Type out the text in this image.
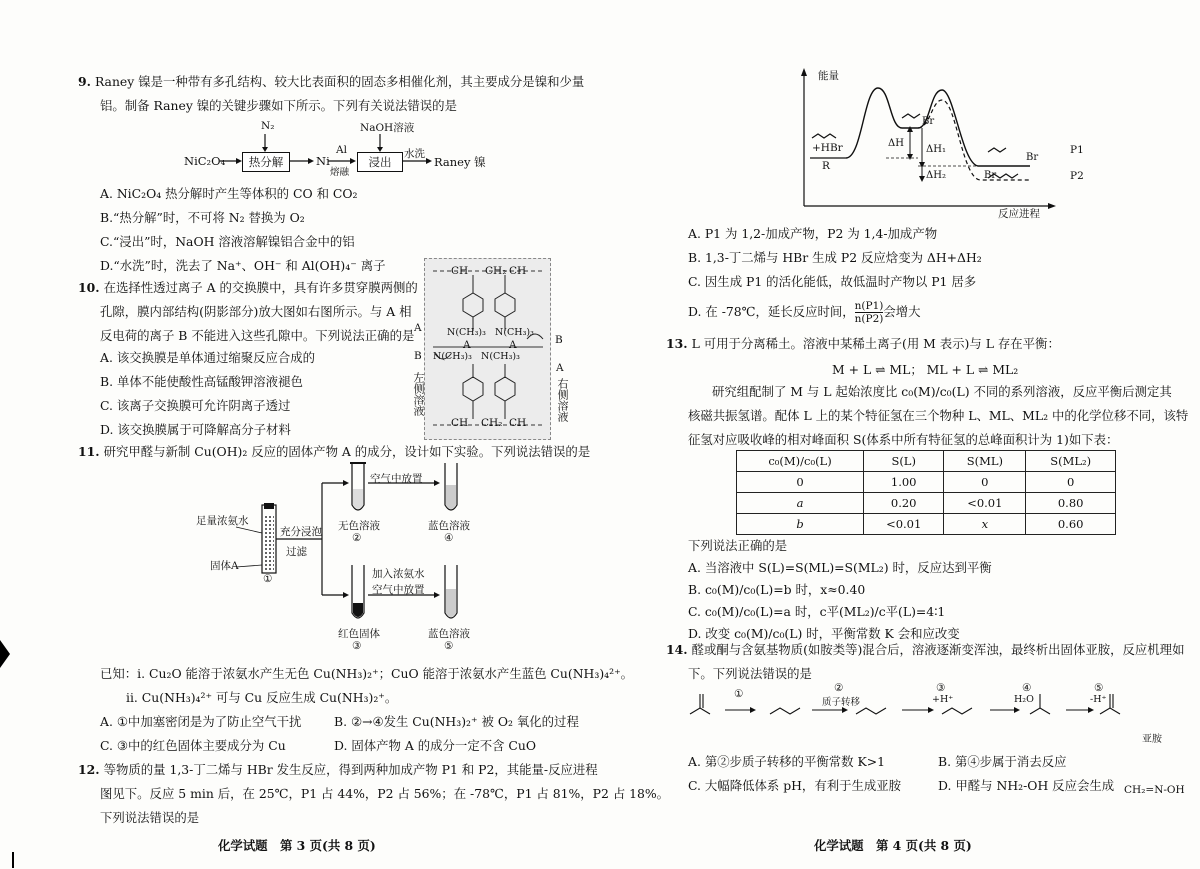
9. Raney 镍是一种带有多孔结构、较大比表面积的固态多相催化剂，其主要成分是镍和少量
铝。制备 Raney 镍的关键步骤如下所示。下列有关说法错误的是
N₂	NaOH溶液
NiC₂O₄	热分解	Ni
Al
熔融
浸出
水洗
Raney 镍
A. NiC₂O₄ 热分解时产生等体积的 CO 和 CO₂
B.“热分解”时，不可将 N₂ 替换为 O₂
C.“浸出”时，NaOH 溶液溶解镍铝合金中的铝
D.“水洗”时，洗去了 Na⁺、OH⁻ 和 Al(OH)₄⁻ 离子
10. 在选择性透过离子 A 的交换膜中，具有许多贯穿膜两侧的
孔隙，膜内部结构(阴影部分)放大图如右图所示。与 A 相
反电荷的离子 B 不能进入这些孔隙中。下列说法正确的是
A. 该交换膜是单体通过缩聚反应合成的
B. 单体不能使酸性高锰酸钾溶液褪色
C. 该离子交换膜可允许阴离子透过
D. 该交换膜属于可降解高分子材料
CH CH₂ CH
N(CH₃)₃ N(CH₃)₃
A	A
N(CH₃)₃ N(CH₃)₃
CH CH₂ CH
A
B
B
A
左侧溶液	右侧溶液
11. 研究甲醛与新制 Cu(OH)₂ 反应的固体产物 A 的成分，设计如下实验。下列说法错误的是
足量浓氨水
固体A
①
充分浸泡
过滤
空气中放置
无色溶液
②
蓝色溶液
④
加入浓氨水
空气中放置
红色固体
③
蓝色溶液
⑤
已知：i. Cu₂O 能溶于浓氨水产生无色 Cu(NH₃)₂⁺；CuO 能溶于浓氨水产生蓝色 Cu(NH₃)₄²⁺。
ii. Cu(NH₃)₄²⁺ 可与 Cu 反应生成 Cu(NH₃)₂⁺。
A. ①中加塞密闭是为了防止空气干扰	B. ②→④发生 Cu(NH₃)₂⁺ 被 O₂ 氧化的过程
C. ③中的红色固体主要成分为 Cu	D. 固体产物 A 的成分一定不含 CuO
12. 等物质的量 1,3-丁二烯与 HBr 发生反应，得到两种加成产物 P1 和 P2，其能量-反应进程
图见下。反应 5 min 后，在 25℃，P1 占 44%，P2 占 56%；在 -78℃，P1 占 81%，P2 占 18%。
下列说法错误的是
化学试题　第 3 页(共 8 页)
能量
反应进程
+HBr
R
ΔH
ΔH₁
ΔH₂
Br
Br
P1
Br	P2
A. P1 为 1,2-加成产物，P2 为 1,4-加成产物
B. 1,3-丁二烯与 HBr 生成 P2 反应焓变为 ΔH+ΔH₂
C. 因生成 P1 的活化能低，故低温时产物以 P1 居多
D. 在 -78℃，延长反应时间， $\frac{n(P1)}{n(P2)}$ 会增大
13. L 可用于分离稀土。溶液中某稀土离子(用 M 表示)与 L 存在平衡：
M + L ⇌ ML； ML + L ⇌ ML₂
研究组配制了 M 与 L 起始浓度比 c₀(M)/c₀(L) 不同的系列溶液，反应平衡后测定其
核磁共振氢谱。配体 L 上的某个特征氢在三个物种 L、ML、ML₂ 中的化学位移不同，该特
征氢对应吸收峰的相对峰面积 S(体系中所有特征氢的总峰面积计为 1)如下表：
c₀(M)/c₀(L)	S(L)	S(ML)	S(ML₂)
0	1.00	0	0
a	0.20	<0.01	0.80
b	<0.01	x	0.60
下列说法正确的是
A. 当溶液中 S(L)=S(ML)=S(ML₂) 时，反应达到平衡
B. c₀(M)/c₀(L)=b 时，x≈0.40
C. c₀(M)/c₀(L)=a 时，c平(ML₂)/c平(L)=4∶1
D. 改变 c₀(M)/c₀(L) 时，平衡常数 K 会和应改变
14. 醛或酮与含氨基物质(如胺类等)混合后，溶液逐渐变浑浊，最终析出固体亚胺，反应机理如
下。下列说法错误的是
①	②
质子转移
③
+H⁺
④
H₂O
⑤
-H⁺
亚胺
A. 第②步质子转移的平衡常数 K>1	B. 第④步属于消去反应
C. 大幅降低体系 pH，有利于生成亚胺	D. 甲醛与 NH₂-OH 反应会生成 CH₂=N-OH
化学试题　第 4 页(共 8 页)
